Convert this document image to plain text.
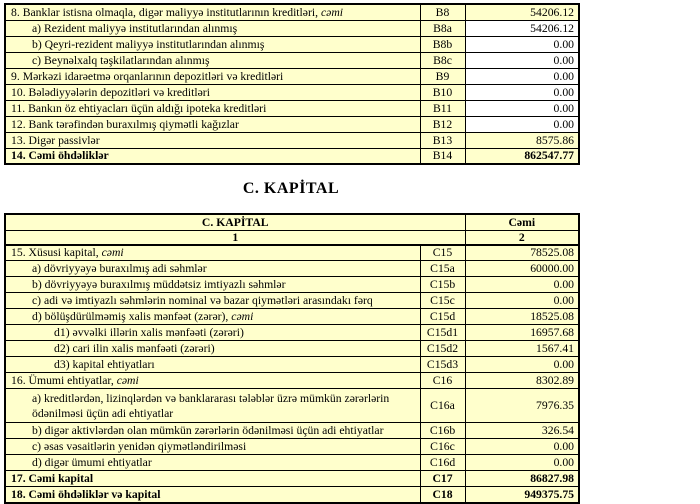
8. Banklar istisna olmaqla, digər maliyyə institutlarının kreditləri, cəmi	B8	54206.12
a) Rezident maliyyə institutlarından alınmış	B8a	54206.12
b) Qeyri-rezident maliyyə institutlarından alınmış	B8b	0.00
c) Beynəlxalq təşkilatlarından alınmış	B8c	0.00
9. Mərkəzi idarəetmə orqanlarının depozitləri və kreditləri	B9	0.00
10. Bələdiyyələrin depozitləri və kreditləri	B10	0.00
11. Bankın öz ehtiyacları üçün aldığı ipoteka kreditləri	B11	0.00
12. Bank tərəfindən buraxılmış qiymətli kağızlar	B12	0.00
13. Digər passivlər	B13	8575.86
14. Cəmi öhdəliklər	B14	862547.77
C. KAPİTAL
C. KAPİTAL		Cəmi
1		2
15. Xüsusi kapital, cəmi	C15	78525.08
a) dövriyyəyə buraxılmış adi səhmlər	C15a	60000.00
b) dövriyyəyə buraxılmış müddətsiz imtiyazlı səhmlər	C15b	0.00
c) adi və imtiyazlı səhmlərin nominal və bazar qiymətləri arasındakı fərq	C15c	0.00
d) bölüşdürülməmiş xalis mənfəət (zərər), cəmi	C15d	18525.08
d1) əvvəlki illərin xalis mənfəəti (zərəri)	C15d1	16957.68
d2) cari ilin xalis mənfəəti (zərəri)	C15d2	1567.41
d3) kapital ehtiyatları	C15d3	0.00
16. Ümumi ehtiyatlar, cəmi	C16	8302.89
a) kreditlərdən, lizinqlərdən və banklararası tələblər üzrə mümkün zərərlərin ödənilməsi üçün adi ehtiyatlar	C16a	7976.35
b) digər aktivlərdən olan mümkün zərərlərin ödənilməsi üçün adi ehtiyatlar	C16b	326.54
c) əsas vəsaitlərin yenidən qiymətləndirilməsi	C16c	0.00
d) digər ümumi ehtiyatlar	C16d	0.00
17. Cəmi kapital	C17	86827.98
18. Cəmi öhdəliklər və kapital	C18	949375.75
